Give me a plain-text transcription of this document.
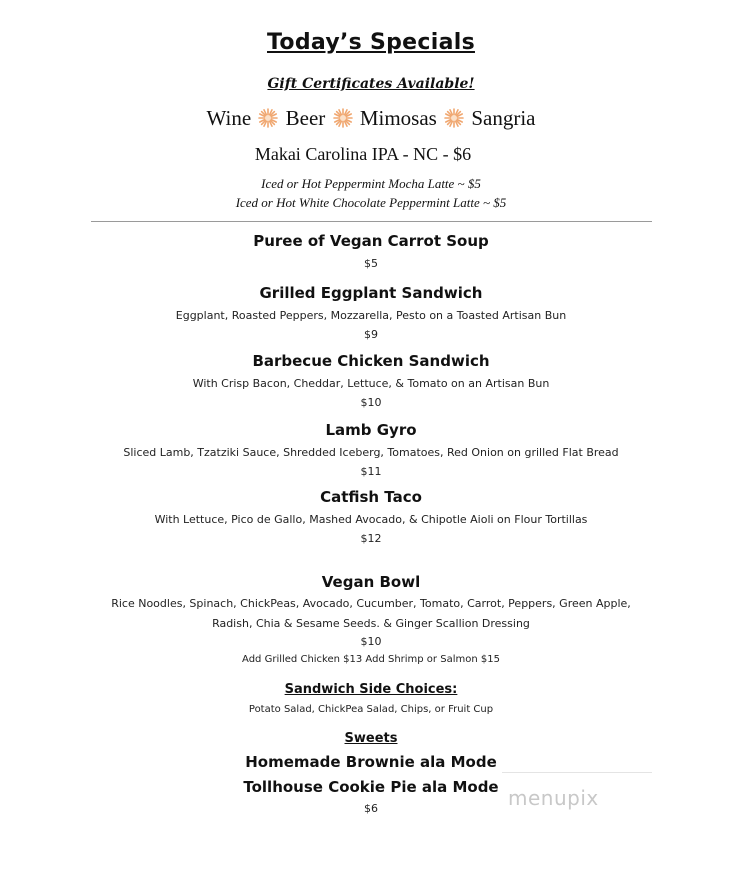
Today’s Specials
Gift Certificates Available!
Wine Beer Mimosas Sangria
Makai Carolina IPA - NC - $6
Iced or Hot Peppermint Mocha Latte ~ $5
Iced or Hot White Chocolate Peppermint Latte ~ $5
Puree of Vegan Carrot Soup
$5
Grilled Eggplant Sandwich
Eggplant, Roasted Peppers, Mozzarella, Pesto on a Toasted Artisan Bun
$9
Barbecue Chicken Sandwich
With Crisp Bacon, Cheddar, Lettuce, & Tomato on an Artisan Bun
$10
Lamb Gyro
Sliced Lamb, Tzatziki Sauce, Shredded Iceberg, Tomatoes, Red Onion on grilled Flat Bread
$11
Catfish Taco
With Lettuce, Pico de Gallo, Mashed Avocado, & Chipotle Aioli on Flour Tortillas
$12
Vegan Bowl
Rice Noodles, Spinach, ChickPeas, Avocado, Cucumber, Tomato, Carrot, Peppers, Green Apple,
Radish, Chia & Sesame Seeds. & Ginger Scallion Dressing
$10
Add Grilled Chicken $13 Add Shrimp or Salmon $15
Sandwich Side Choices:
Potato Salad, ChickPea Salad, Chips, or Fruit Cup
Sweets
Homemade Brownie ala Mode
Tollhouse Cookie Pie ala Mode
$6	menupix
